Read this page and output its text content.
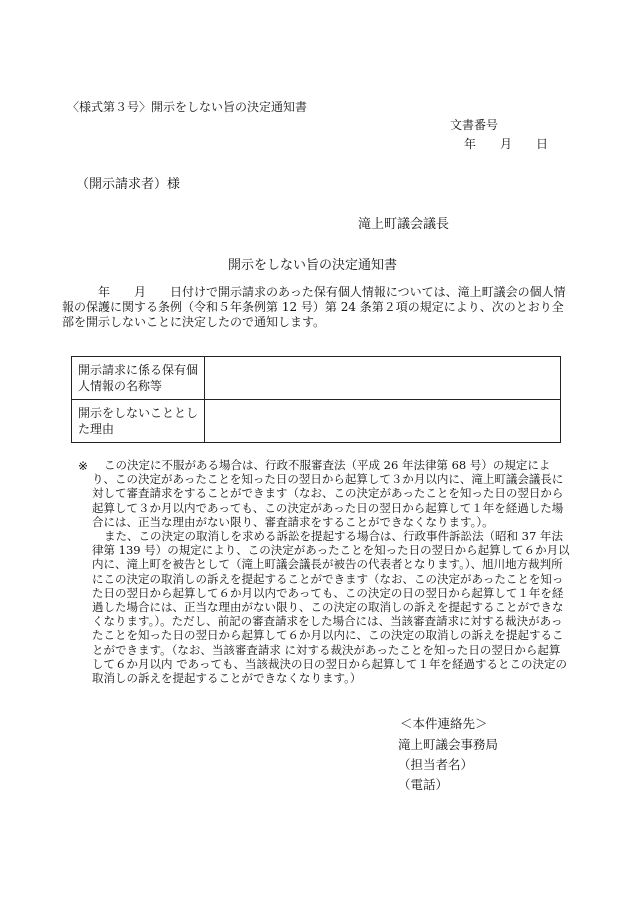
〈様式第３号〉開示をしない旨の決定通知書
文書番号
年　　月　　日
（開示請求者）様
滝上町議会議長
開示をしない旨の決定通知書
　　　年　　月　　日付けで開示請求のあった保有個人情報については、滝上町議会の個人情報の保護に関する条例（令和５年条例第 12 号）第 24 条第２項の規定により、次のとおり全部を開示しないことに決定したので通知します。
開示請求に係る保有個人情報の名称等	
開示をしないこととした理由	
※	この決定に不服がある場合は、行政不服審査法（平成 26 年法律第 68 号）の規定により、この決定があったことを知った日の翌日から起算して３か月以内に、滝上町議会議長に対して審査請求をすることができます（なお、この決定があったことを知った日の翌日から起算して３か月以内であっても、この決定があった日の翌日から起算して１年を経過した場合には、正当な理由がない限り、審査請求をすることができなくなります。）。

また、この決定の取消しを求める訴訟を提起する場合は、行政事件訴訟法（昭和 37 年法律第 139 号）の規定により、この決定があったことを知った日の翌日から起算して６か月以内に、滝上町を被告として（滝上町議会議長が被告の代表者となります。）、旭川地方裁判所にこの決定の取消しの訴えを提起することができます（なお、この決定があったことを知った日の翌日から起算して６か月以内であっても、この決定の日の翌日から起算して１年を経過した場合には、正当な理由がない限り、この決定の取消しの訴えを提起することができなくなります。）。ただし、前記の審査請求をした場合には、当該審査請求に対する裁決があったことを知った日の翌日から起算して６か月以内に、この決定の取消しの訴えを提起することができます。（なお、当該審査請求 に対する裁決があったことを知った日の翌日から起算して６か月以内 であっても、当該裁決の日の翌日から起算して１年を経過するとこの決定の取消しの訴えを提起することができなくなります。）

＜本件連絡先＞
滝上町議会事務局
（担当者名）
（電話）
